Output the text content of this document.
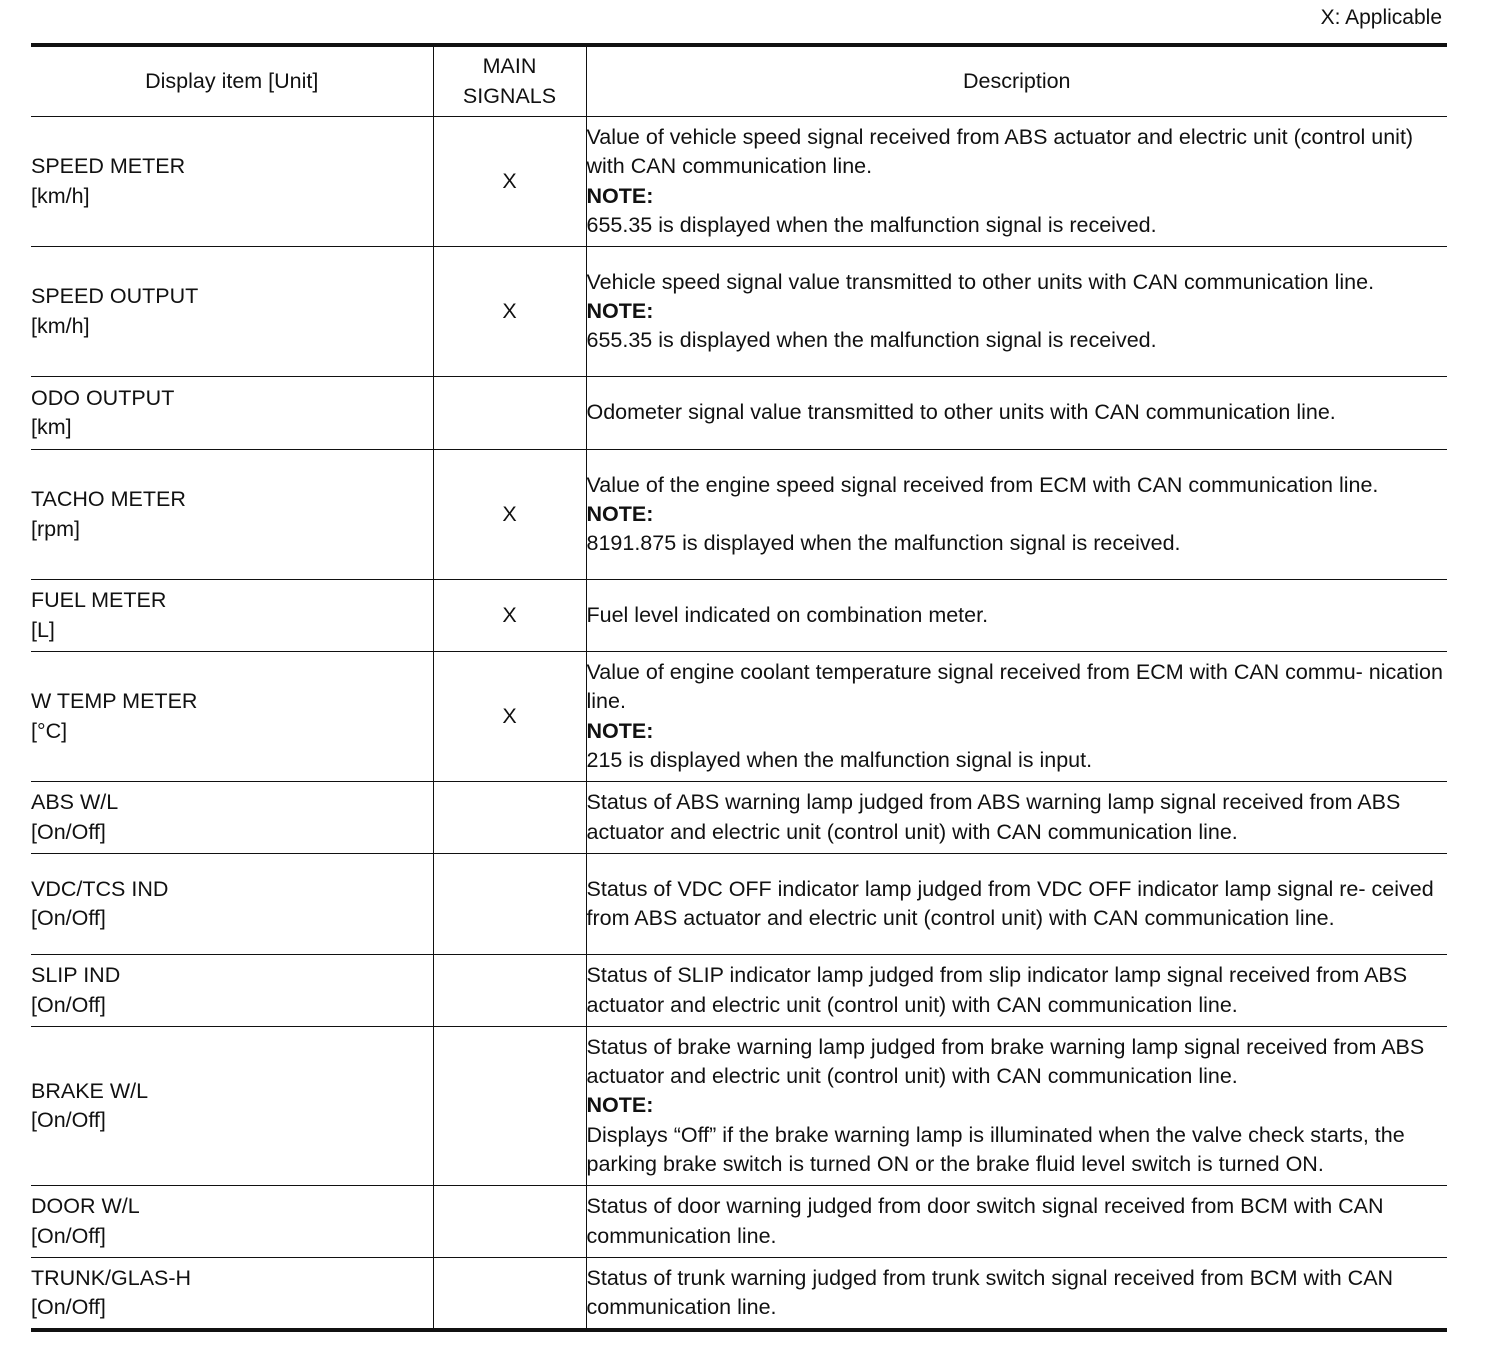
X: Applicable
Display item [Unit]	MAIN
SIGNALS	Description

SPEED METER
[km/h]	X	Value of vehicle speed signal received from ABS actuator and electric unit (control unit) with CAN communication line.
NOTE:
655.35 is displayed when the malfunction signal is received.

SPEED OUTPUT
[km/h]	X	Vehicle speed signal value transmitted to other units with CAN communication line.
NOTE:
655.35 is displayed when the malfunction signal is received.

ODO OUTPUT
[km]		Odometer signal value transmitted to other units with CAN communication line.

TACHO METER
[rpm]	X	Value of the engine speed signal received from ECM with CAN communication line.
NOTE:
8191.875 is displayed when the malfunction signal is received.

FUEL METER
[L]	X	Fuel level indicated on combination meter.

W TEMP METER
[°C]	X	Value of engine coolant temperature signal received from ECM with CAN commu- nication line.
NOTE:
215 is displayed when the malfunction signal is input.

ABS W/L
[On/Off]		Status of ABS warning lamp judged from ABS warning lamp signal received from ABS actuator and electric unit (control unit) with CAN communication line.

VDC/TCS IND
[On/Off]		Status of VDC OFF indicator lamp judged from VDC OFF indicator lamp signal re- ceived from ABS actuator and electric unit (control unit) with CAN communication line.

SLIP IND
[On/Off]		Status of SLIP indicator lamp judged from slip indicator lamp signal received from ABS actuator and electric unit (control unit) with CAN communication line.

BRAKE W/L
[On/Off]		Status of brake warning lamp judged from brake warning lamp signal received from ABS actuator and electric unit (control unit) with CAN communication line.
NOTE:
Displays “Off” if the brake warning lamp is illuminated when the valve check starts, the parking brake switch is turned ON or the brake fluid level switch is turned ON.

DOOR W/L
[On/Off]		Status of door warning judged from door switch signal received from BCM with CAN communication line.

TRUNK/GLAS-H
[On/Off]		Status of trunk warning judged from trunk switch signal received from BCM with CAN communication line.
